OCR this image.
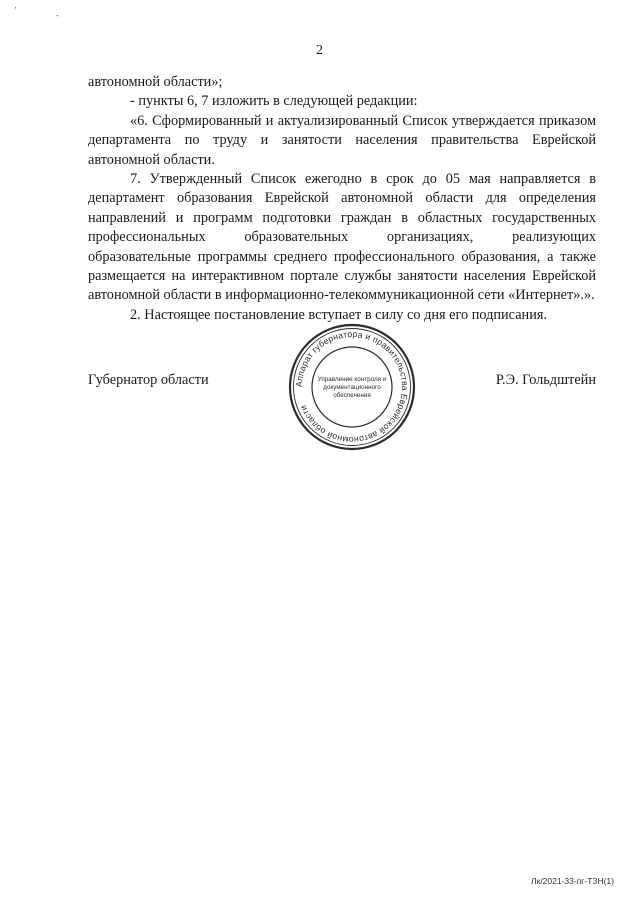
ˈ ˎ
2

автономной области»;

- пункты 6, 7 изложить в следующей редакции:

«6. Сформированный и актуализированный Список утверждается приказом департамента по труду и занятости населения правительства Еврейской автономной области.

7. Утвержденный Список ежегодно в срок до 05 мая направляется в департамент образования Еврейской автономной области для определения направлений и программ подготовки граждан в областных государственных профессиональных образовательных организациях, реализующих образовательные программы среднего профессионального образования, а также размещается на интерактивном портале службы занятости населения Еврейской автономной области в информационно-телекоммуникационной сети «Интернет».».

2. Настоящее постановление вступает в силу со дня его подписания.

Губернатор области	Р.Э. Гольдштейн
Аппарат губернатора и правительства Еврейской автономной области
Управление контроля и
документационного
обеспечения
Лк/2021-33-пг-ТЗН(1)
